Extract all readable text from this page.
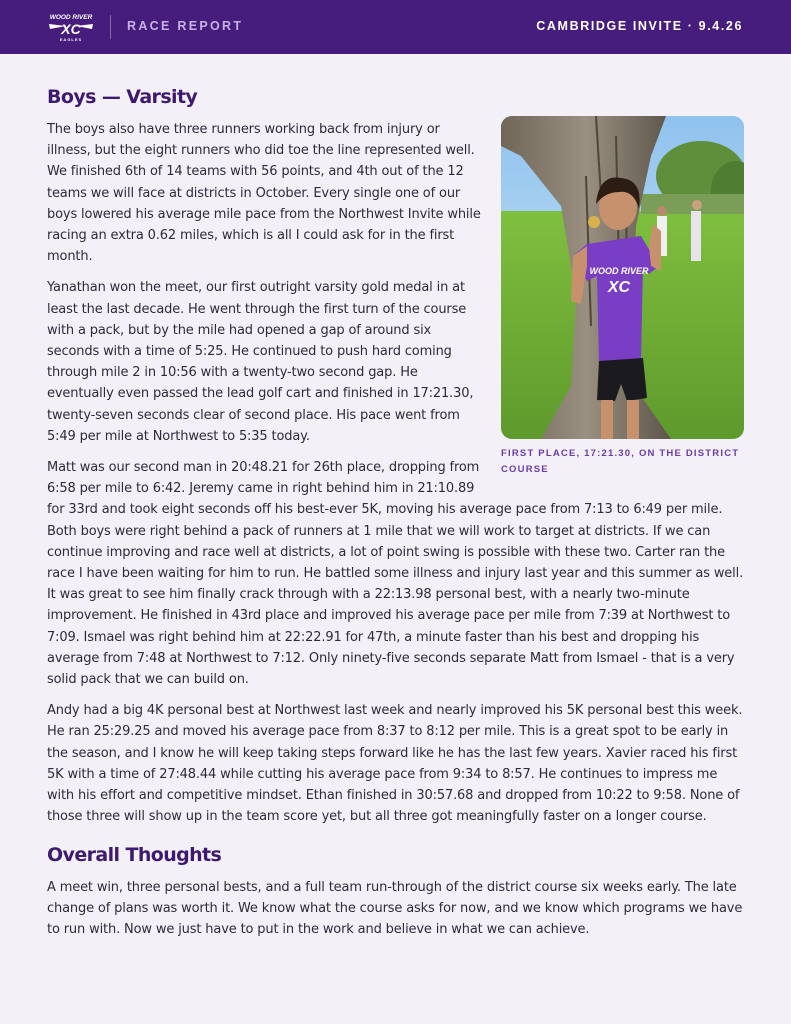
WOOD RIVER
XC
EAGLES
RACE REPORT	CAMBRIDGE INVITE · 9.4.26
Boys — Varsity
WOOD RIVER
XC
FIRST PLACE, 17:21.30, ON THE DISTRICT COURSE

The boys also have three runners working back from injury or illness, but the eight runners who did toe the line represented well. We finished 6th of 14 teams with 56 points, and 4th out of the 12 teams we will face at districts in October. Every single one of our boys lowered his average mile pace from the Northwest Invite while racing an extra 0.62 miles, which is all I could ask for in the first month.

Yanathan won the meet, our first outright varsity gold medal in at least the last decade. He went through the first turn of the course with a pack, but by the mile had opened a gap of around six seconds with a time of 5:25. He continued to push hard coming through mile 2 in 10:56 with a twenty-two second gap. He eventually even passed the lead golf cart and finished in 17:21.30, twenty-seven seconds clear of second place. His pace went from 5:49 per mile at Northwest to 5:35 today.

Matt was our second man in 20:48.21 for 26th place, dropping from 6:58 per mile to 6:42. Jeremy came in right behind him in 21:10.89 for 33rd and took eight seconds off his best-ever 5K, moving his average pace from 7:13 to 6:49 per mile. Both boys were right behind a pack of runners at 1 mile that we will work to target at districts. If we can continue improving and race well at districts, a lot of point swing is possible with these two. Carter ran the race I have been waiting for him to run. He battled some illness and injury last year and this summer as well. It was great to see him finally crack through with a 22:13.98 personal best, with a nearly two-minute improvement. He finished in 43rd place and improved his average pace per mile from 7:39 at Northwest to 7:09. Ismael was right behind him at 22:22.91 for 47th, a minute faster than his best and dropping his average from 7:48 at Northwest to 7:12. Only ninety-five seconds separate Matt from Ismael - that is a very solid pack that we can build on.

Andy had a big 4K personal best at Northwest last week and nearly improved his 5K personal best this week. He ran 25:29.25 and moved his average pace from 8:37 to 8:12 per mile. This is a great spot to be early in the season, and I know he will keep taking steps forward like he has the last few years. Xavier raced his first 5K with a time of 27:48.44 while cutting his average pace from 9:34 to 8:57. He continues to impress me with his effort and competitive mindset. Ethan finished in 30:57.68 and dropped from 10:22 to 9:58. None of those three will show up in the team score yet, but all three got meaningfully faster on a longer course.

Overall Thoughts

A meet win, three personal bests, and a full team run-through of the district course six weeks early. The late change of plans was worth it. We know what the course asks for now, and we know which programs we have to run with. Now we just have to put in the work and believe in what we can achieve.
